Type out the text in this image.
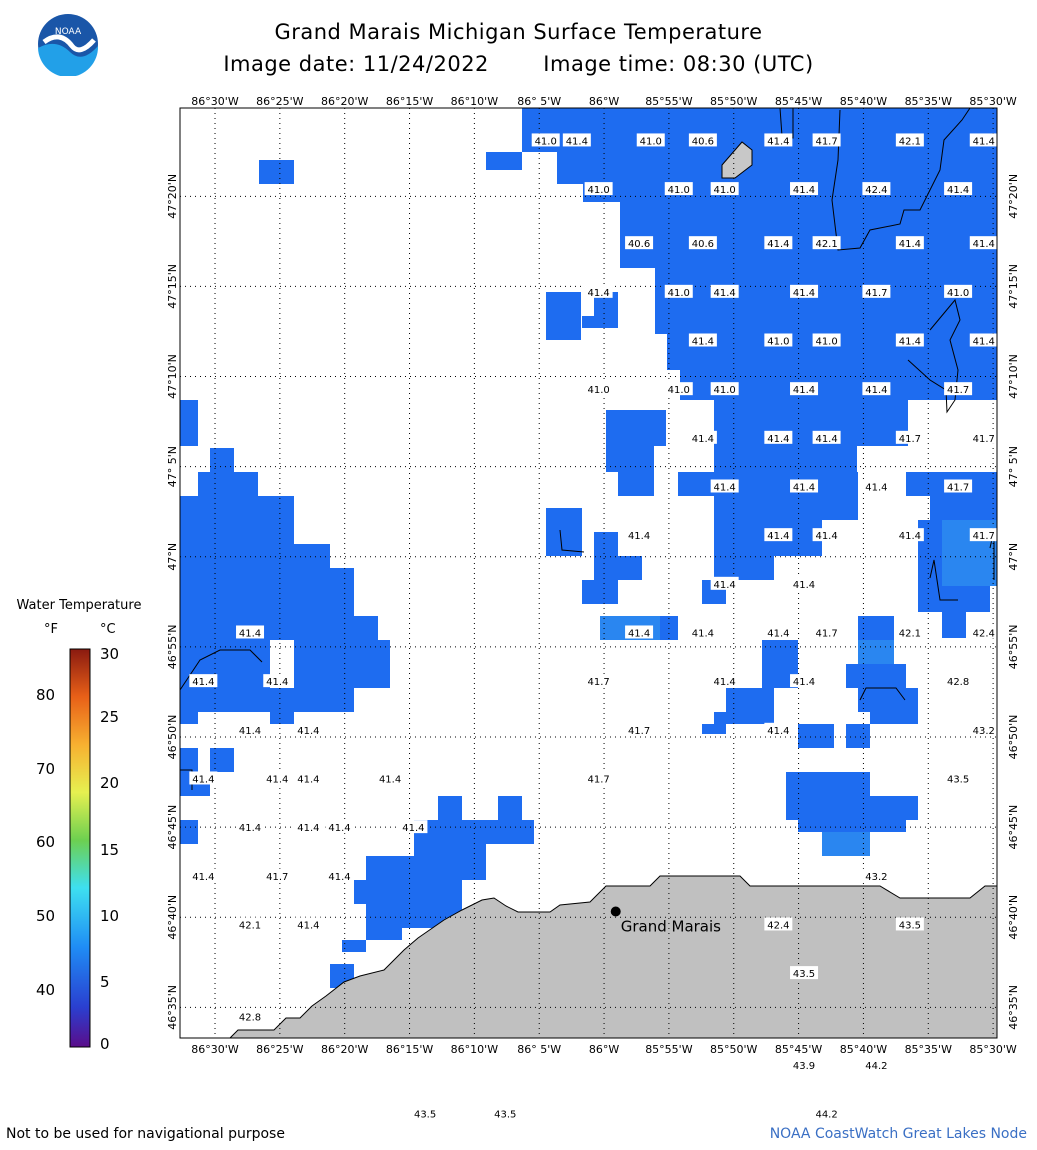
NOAA	Grand Marais Michigan Surface Temperature
Image date: 11/24/2022	Image time: 08:30 (UTC)
41.0 41.4	41.0	40.6	41.4	41.7	42.1	41.4
41.0	41.0 41.0	41.4	42.4	41.4
40.6	40.6	41.4	42.1	41.4	41.4
41.4	41.0 41.4	41.4	41.7	41.0
41.4	41.0	41.0	41.4	41.4
41.0	41.0 41.0	41.4	41.4	41.7
41.4	41.4	41.4	41.7	41.7
41.4	41.4	41.4	41.7
41.4	41.4	41.4	41.4	41.7
41.4	41.4
41.4	41.4	41.4	41.4	41.7	42.1	42.4
41.4	41.4	41.7	41.4	41.4	42.8
41.4	41.4	41.7	41.4	43.2
41.4	41.4 41.4	41.4	41.7	43.5
41.4	41.4 41.4	41.4
41.4	41.7	41.4	43.2
42.1	41.4	42.4	43.5
43.5
42.8
43.9	44.2
43.5	43.5	44.2
86°30'W
86°30'W
86°25'W
86°25'W
86°20'W
86°20'W
86°15'W
86°15'W
86°10'W
86°10'W
86° 5'W
86° 5'W
86°W
86°W
85°55'W
85°55'W
85°50'W
85°50'W
85°45'W
85°45'W
85°40'W
85°40'W
85°35'W
85°35'W
85°30'W
85°30'W
47°20'N	47°20'N
47°15'N	47°15'N
47°10'N	47°10'N
47° 5'N	47° 5'N
47°N	47°N
46°55'N	46°55'N
46°50'N	46°50'N
46°45'N	46°45'N
46°40'N	46°40'N
46°35'N	46°35'N
Grand Marais
Water Temperature
°F	°C
80
70
60
50
40
30
25
20
15
10
5
0
Not to be used for navigational purpose	NOAA CoastWatch Great Lakes Node
